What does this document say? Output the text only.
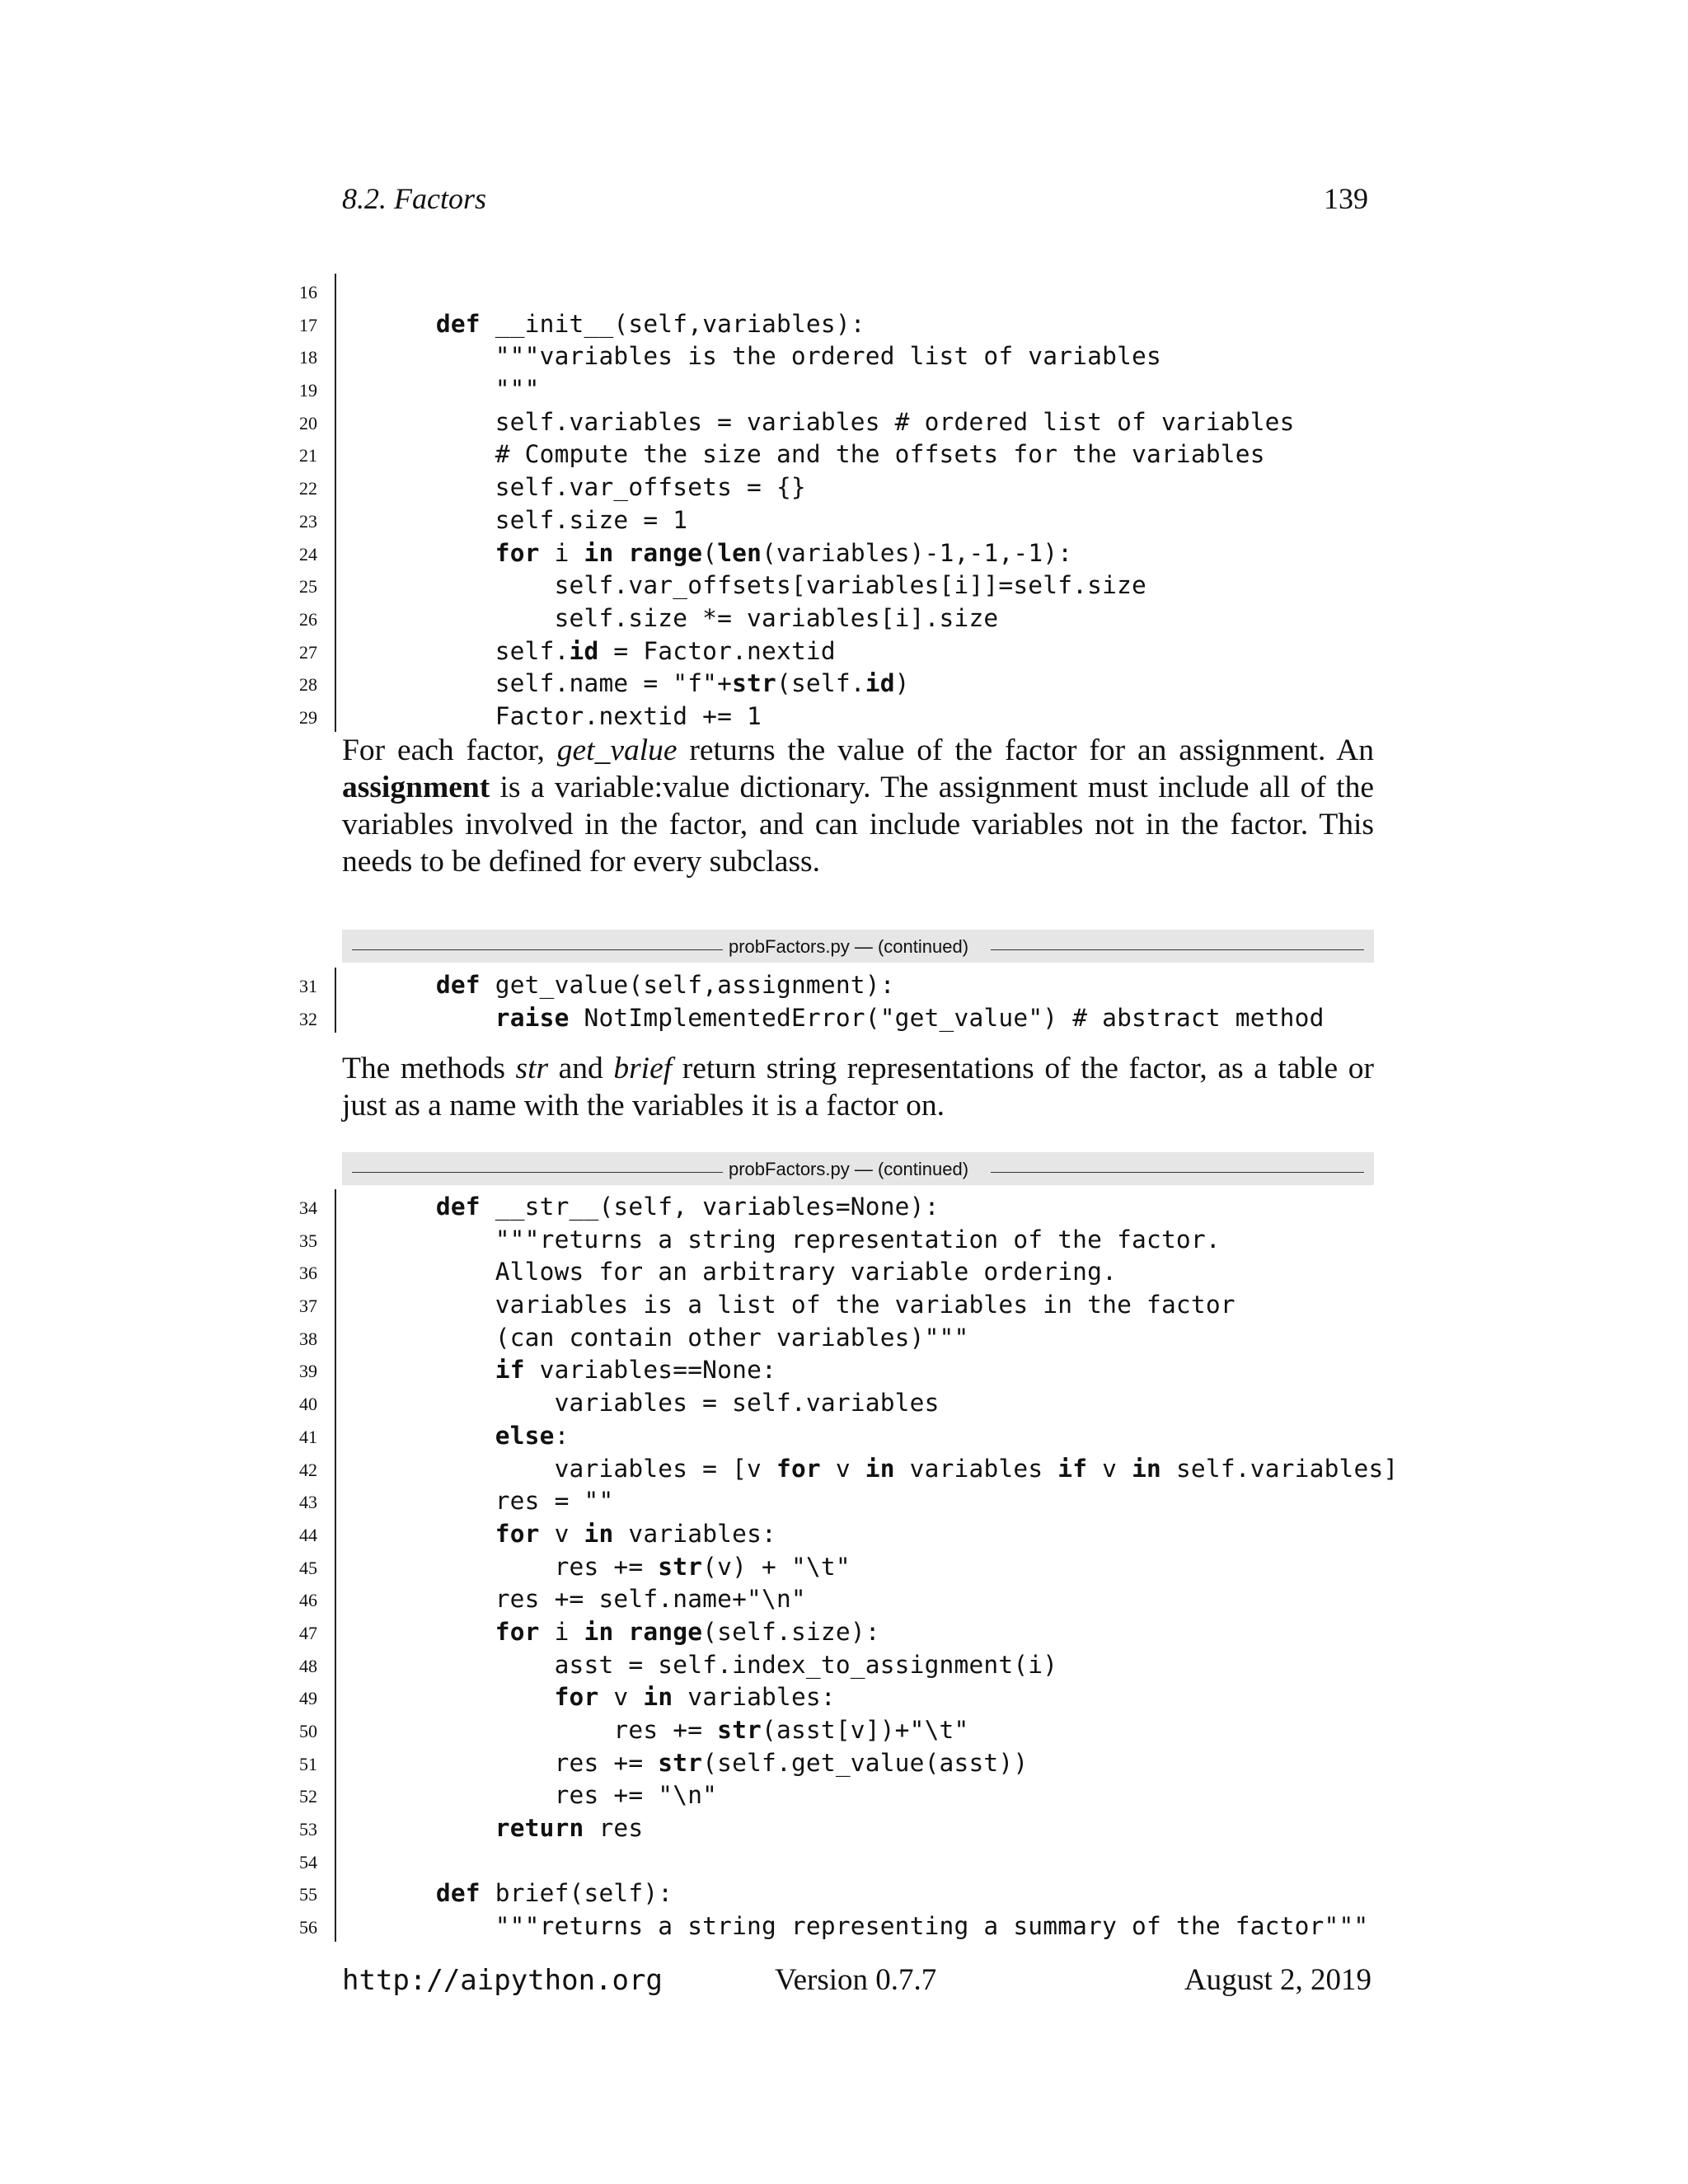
8.2. Factors	139
16
17	def __init__(self,variables):
18	"""variables is the ordered list of variables
19	"""
20	self.variables = variables # ordered list of variables
21	# Compute the size and the offsets for the variables
22	self.var_offsets = {}
23	self.size = 1
24	for i in range(len(variables)-1,-1,-1):
25	self.var_offsets[variables[i]]=self.size
26	self.size *= variables[i].size
27	self.id = Factor.nextid
28	self.name = "f"+str(self.id)
29	Factor.nextid += 1

For each factor, get_value returns the value of the factor for an assignment. An assignment is a variable:value dictionary. The assignment must include all of the variables involved in the factor, and can include variables not in the factor. This needs to be defined for every subclass.

probFactors.py — (continued)
31	def get_value(self,assignment):
32	raise NotImplementedError("get_value") # abstract method

The methods str and brief return string representations of the factor, as a table or just as a name with the variables it is a factor on.

probFactors.py — (continued)
34	def __str__(self, variables=None):
35	"""returns a string representation of the factor.
36	Allows for an arbitrary variable ordering.
37	variables is a list of the variables in the factor
38	(can contain other variables)"""
39	if variables==None:
40	variables = self.variables
41	else:
42	variables = [v for v in variables if v in self.variables]
43	res = ""
44	for v in variables:
45	res += str(v) + "\t"
46	res += self.name+"\n"
47	for i in range(self.size):
48	asst = self.index_to_assignment(i)
49	for v in variables:
50	res += str(asst[v])+"\t"
51	res += str(self.get_value(asst))
52	res += "\n"
53	return res
54
55	def brief(self):
56	"""returns a string representing a summary of the factor"""
http://aipython.org	Version 0.7.7	August 2, 2019
